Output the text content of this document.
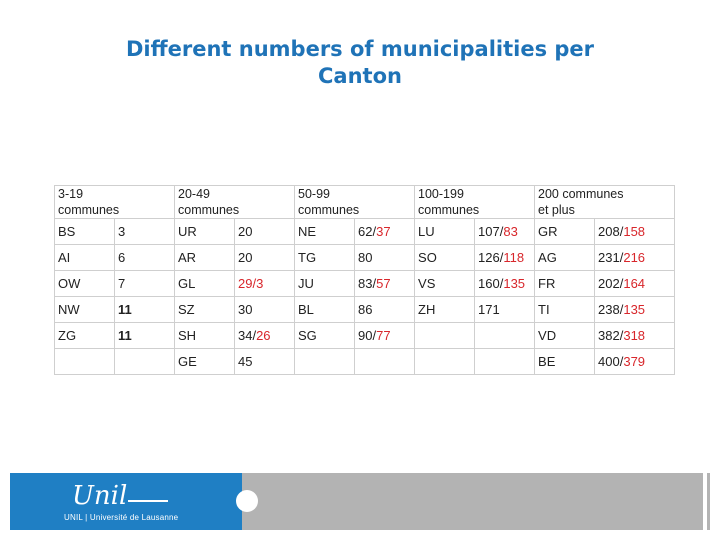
Different numbers of municipalities per
Canton
3-19		20-49		50-99		100-199		200 communes	
communes		communes		communes		communes		et plus	
BS	3	UR	20	NE	62/37	LU	107/83	GR	208/158
AI	6	AR	20	TG	80	SO	126/118	AG	231/216
OW	7	GL	29/3	JU	83/57	VS	160/135	FR	202/164
NW	11	SZ	30	BL	86	ZH	171	TI	238/135
ZG	11	SH	34/26	SG	90/77			VD	382/318
		GE	45					BE	400/379
Unil
UNIL | Université de Lausanne
